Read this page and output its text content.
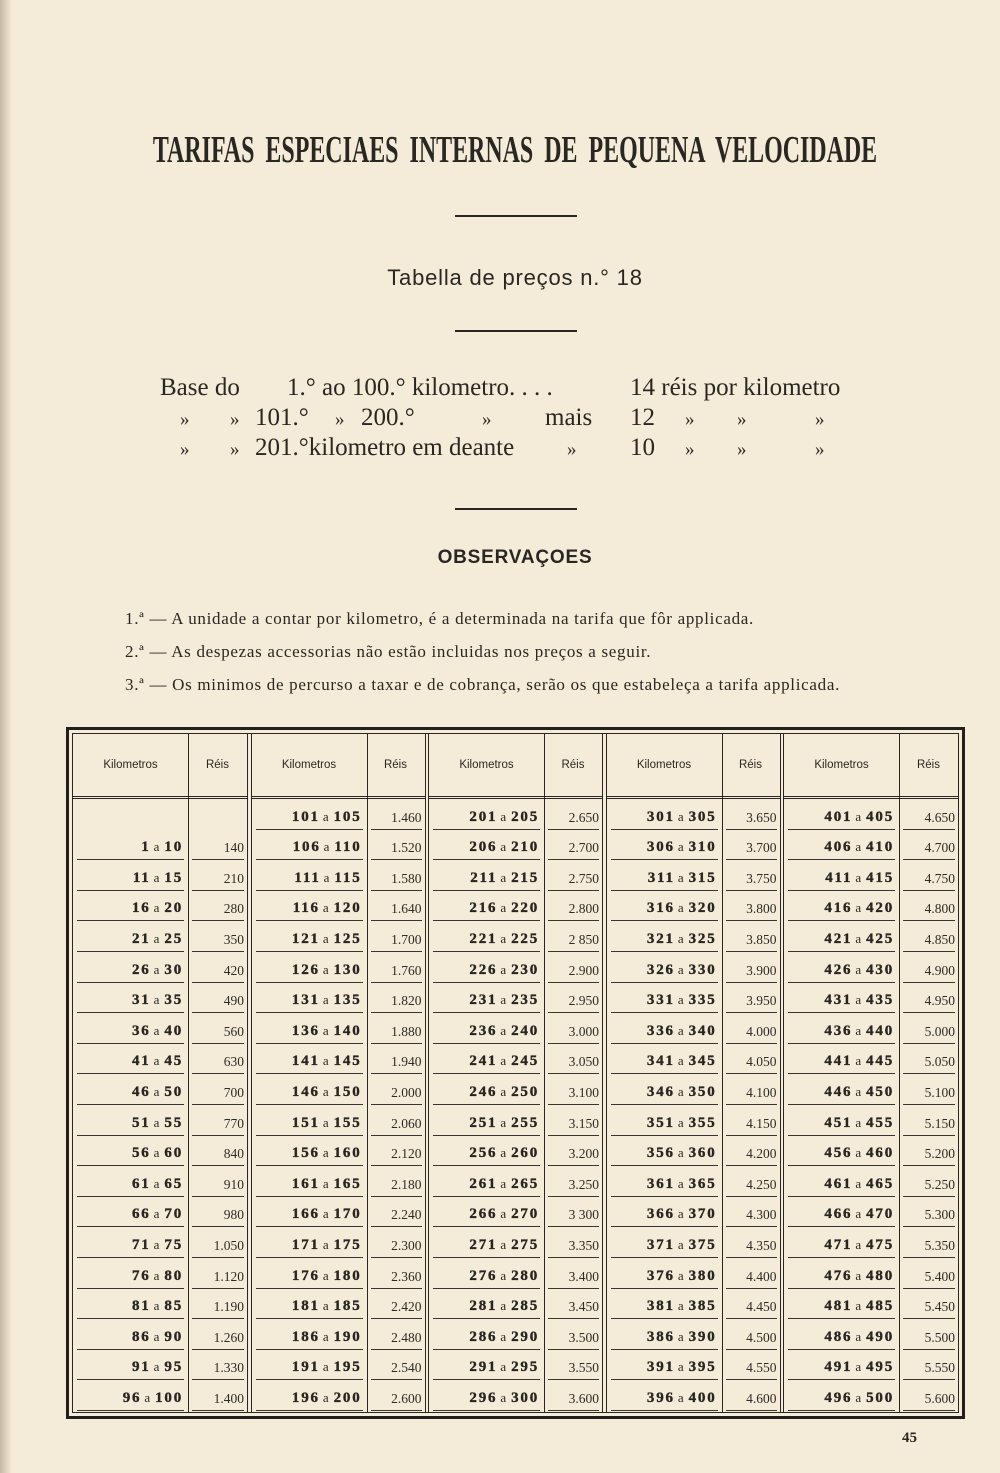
TARIFAS ESPECIAES INTERNAS DE PEQUENA VELOCIDADE
Tabella de preços n.° 18
Base do 1.° ao 100.° kilometro. . . .	14 réis por kilometro
» » 101.° » 200.°	» mais 12 » »	»
» » 201.°kilometro em deante	» 10 » »	»
OBSERVAÇOES
1.ª — A unidade a contar por kilometro, é a determinada na tarifa que fôr applicada.
2.ª — As despezas accessorias não estão incluidas nos preços a seguir.
3.ª — Os minimos de percurso a taxar e de cobrança, serão os que estabeleça a tarifa applicada.
Kilometros	Réis
1 a 10	140
11 a 15	210
16 a 20	280
21 a 25	350
26 a 30	420
31 a 35	490
36 a 40	560
41 a 45	630
46 a 50	700
51 a 55	770
56 a 60	840
61 a 65	910
66 a 70	980
71 a 75	1.050
76 a 80	1.120
81 a 85	1.190
86 a 90	1.260
91 a 95	1.330
96 a 100	1.400
Kilometros	Réis
101 a 105	1.460
106 a 110	1.520
111 a 115	1.580
116 a 120	1.640
121 a 125	1.700
126 a 130	1.760
131 a 135	1.820
136 a 140	1.880
141 a 145	1.940
146 a 150	2.000
151 a 155	2.060
156 a 160	2.120
161 a 165	2.180
166 a 170	2.240
171 a 175	2.300
176 a 180	2.360
181 a 185	2.420
186 a 190	2.480
191 a 195	2.540
196 a 200	2.600
Kilometros	Réis
201 a 205	2.650
206 a 210	2.700
211 a 215	2.750
216 a 220	2.800
221 a 225	2 850
226 a 230	2.900
231 a 235	2.950
236 a 240	3.000
241 a 245	3.050
246 a 250	3.100
251 a 255	3.150
256 a 260	3.200
261 a 265	3.250
266 a 270	3 300
271 a 275	3.350
276 a 280	3.400
281 a 285	3.450
286 a 290	3.500
291 a 295	3.550
296 a 300	3.600
Kilometros	Réis
301 a 305	3.650
306 a 310	3.700
311 a 315	3.750
316 a 320	3.800
321 a 325	3.850
326 a 330	3.900
331 a 335	3.950
336 a 340	4.000
341 a 345	4.050
346 a 350	4.100
351 a 355	4.150
356 a 360	4.200
361 a 365	4.250
366 a 370	4.300
371 a 375	4.350
376 a 380	4.400
381 a 385	4.450
386 a 390	4.500
391 a 395	4.550
396 a 400	4.600
Kilometros	Réis
401 a 405	4.650
406 a 410	4.700
411 a 415	4.750
416 a 420	4.800
421 a 425	4.850
426 a 430	4.900
431 a 435	4.950
436 a 440	5.000
441 a 445	5.050
446 a 450	5.100
451 a 455	5.150
456 a 460	5.200
461 a 465	5.250
466 a 470	5.300
471 a 475	5.350
476 a 480	5.400
481 a 485	5.450
486 a 490	5.500
491 a 495	5.550
496 a 500	5.600
45
